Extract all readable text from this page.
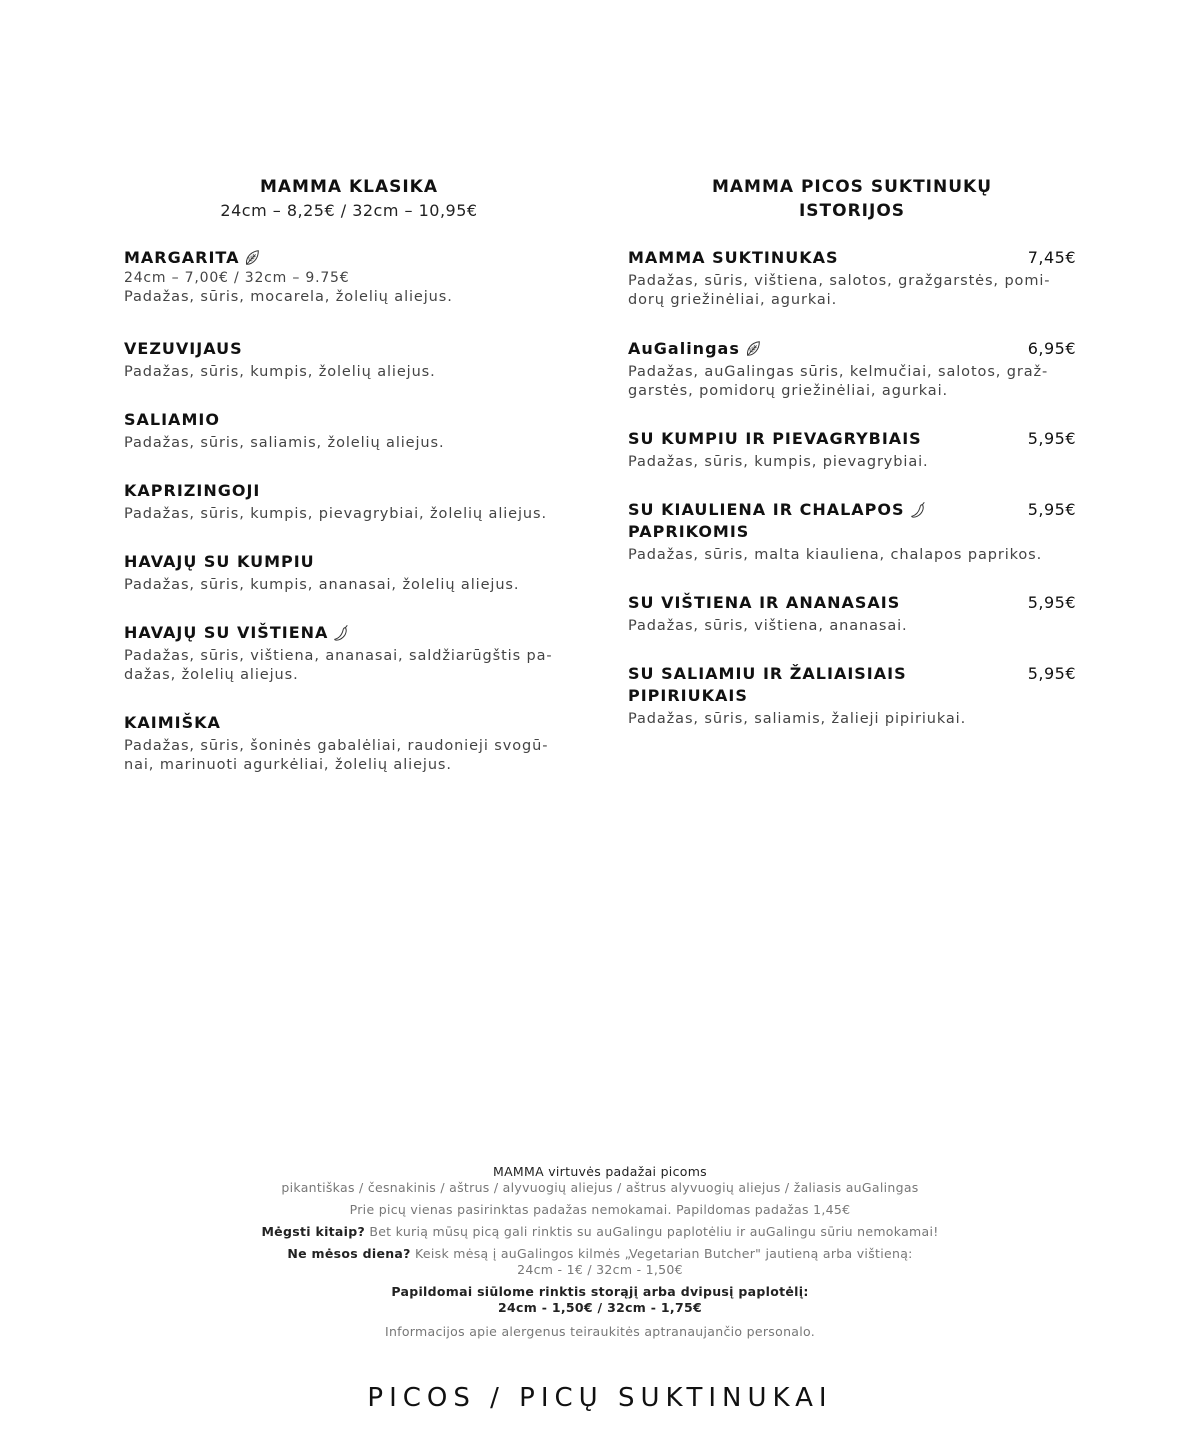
MAMMA KLASIKA
24cm – 8,25€ / 32cm – 10,95€
MARGARITA
24cm – 7,00€ / 32cm – 9.75€
Padažas, sūris, mocarela, žolelių aliejus.
VEZUVIJAUS
Padažas, sūris, kumpis, žolelių aliejus.
SALIAMIO
Padažas, sūris, saliamis, žolelių aliejus.
KAPRIZINGOJI
Padažas, sūris, kumpis, pievagrybiai, žolelių aliejus.
HAVAJŲ SU KUMPIU
Padažas, sūris, kumpis, ananasai, žolelių aliejus.
HAVAJŲ SU VIŠTIENA
Padažas, sūris, vištiena, ananasai, saldžiarūgštis pa-dažas, žolelių aliejus.
KAIMIŠKA
Padažas, sūris, šoninės gabalėliai, raudonieji svogū-nai, marinuoti agurkėliai, žolelių aliejus.
MAMMA PICOS SUKTINUKŲ
ISTORIJOS
MAMMA SUKTINUKAS	7,45€
Padažas, sūris, vištiena, salotos, gražgarstės, pomi-dorų griežinėliai, agurkai.
AuGalingas	6,95€
Padažas, auGalingas sūris, kelmučiai, salotos, graž-garstės, pomidorų griežinėliai, agurkai.
SU KUMPIU IR PIEVAGRYBIAIS	5,95€
Padažas, sūris, kumpis, pievagrybiai.
SU KIAULIENA IR CHALAPOS	5,95€
PAPRIKOMIS
Padažas, sūris, malta kiauliena, chalapos paprikos.
SU VIŠTIENA IR ANANASAIS	5,95€
Padažas, sūris, vištiena, ananasai.
SU SALIAMIU IR ŽALIAISIAIS	5,95€
PIPIRIUKAIS
Padažas, sūris, saliamis, žalieji pipiriukai.
MAMMA virtuvės padažai picoms
pikantiškas / česnakinis / aštrus / alyvuogių aliejus / aštrus alyvuogių aliejus / žaliasis auGalingas
Prie picų vienas pasirinktas padažas nemokamai. Papildomas padažas 1,45€
Mėgsti kitaip? Bet kurią mūsų picą gali rinktis su auGalingu paplotėliu ir auGalingu sūriu nemokamai!
Ne mėsos diena? Keisk mėsą į auGalingos kilmės „Vegetarian Butcher" jautieną arba vištieną:
24cm - 1€ / 32cm - 1,50€
Papildomai siūlome rinktis storąjį arba dvipusį paplotėlį:
24cm - 1,50€ / 32cm - 1,75€
Informacijos apie alergenus teiraukitės aptranaujančio personalo.
PICOS / PICŲ SUKTINUKAI
